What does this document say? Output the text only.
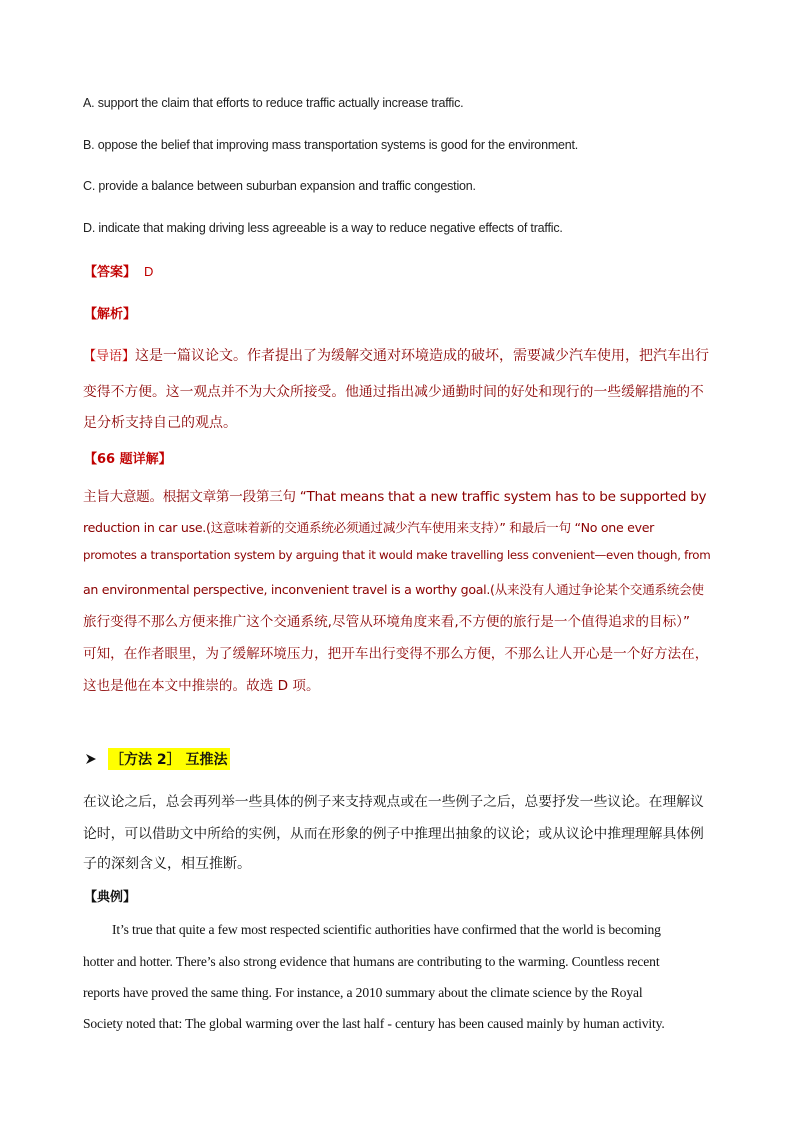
A. support the claim that efforts to reduce traffic actually increase traffic.
B. oppose the belief that improving mass transportation systems is good for the environment.
C. provide a balance between suburban expansion and traffic congestion.
D. indicate that making driving less agreeable is a way to reduce negative effects of traffic.
【答案】 D
【解析】
【导语】这是一篇议论文。作者提出了为缓解交通对环境造成的破坏，需要减少汽车使用，把汽车出行
变得不方便。这一观点并不为大众所接受。他通过指出减少通勤时间的好处和现行的一些缓解措施的不
足分析支持自己的观点。
【66 题详解】
主旨大意题。根据文章第一段第三句 “That means that a new traffic system has to be supported by
reduction in car use.(这意味着新的交通系统必须通过减少汽车使用来支持）” 和最后一句 “No one ever
promotes a transportation system by arguing that it would make travelling less convenient—even though, from
an environmental perspective, inconvenient travel is a worthy goal.(从来没有人通过争论某个交通系统会使
旅行变得不那么方便来推广这个交通系统,尽管从环境角度来看,不方便的旅行是一个值得追求的目标）”
可知，在作者眼里，为了缓解环境压力，把开车出行变得不那么方便，不那么让人开心是一个好方法在，
这也是他在本文中推崇的。故选 D 项。
［方法 2］ 互推法
在议论之后，总会再列举一些具体的例子来支持观点或在一些例子之后，总要抒发一些议论。在理解议
论时，可以借助文中所给的实例，从而在形象的例子中推理出抽象的议论；或从议论中推理理解具体例
子的深刻含义，相互推断。
【典例】
It’s true that quite a few most respected scientific authorities have confirmed that the world is becoming
hotter and hotter. There’s also strong evidence that humans are contributing to the warming. Countless recent
reports have proved the same thing. For instance, a 2010 summary about the climate science by the Royal
Society noted that: The global warming over the last half - century has been caused mainly by human activity.
